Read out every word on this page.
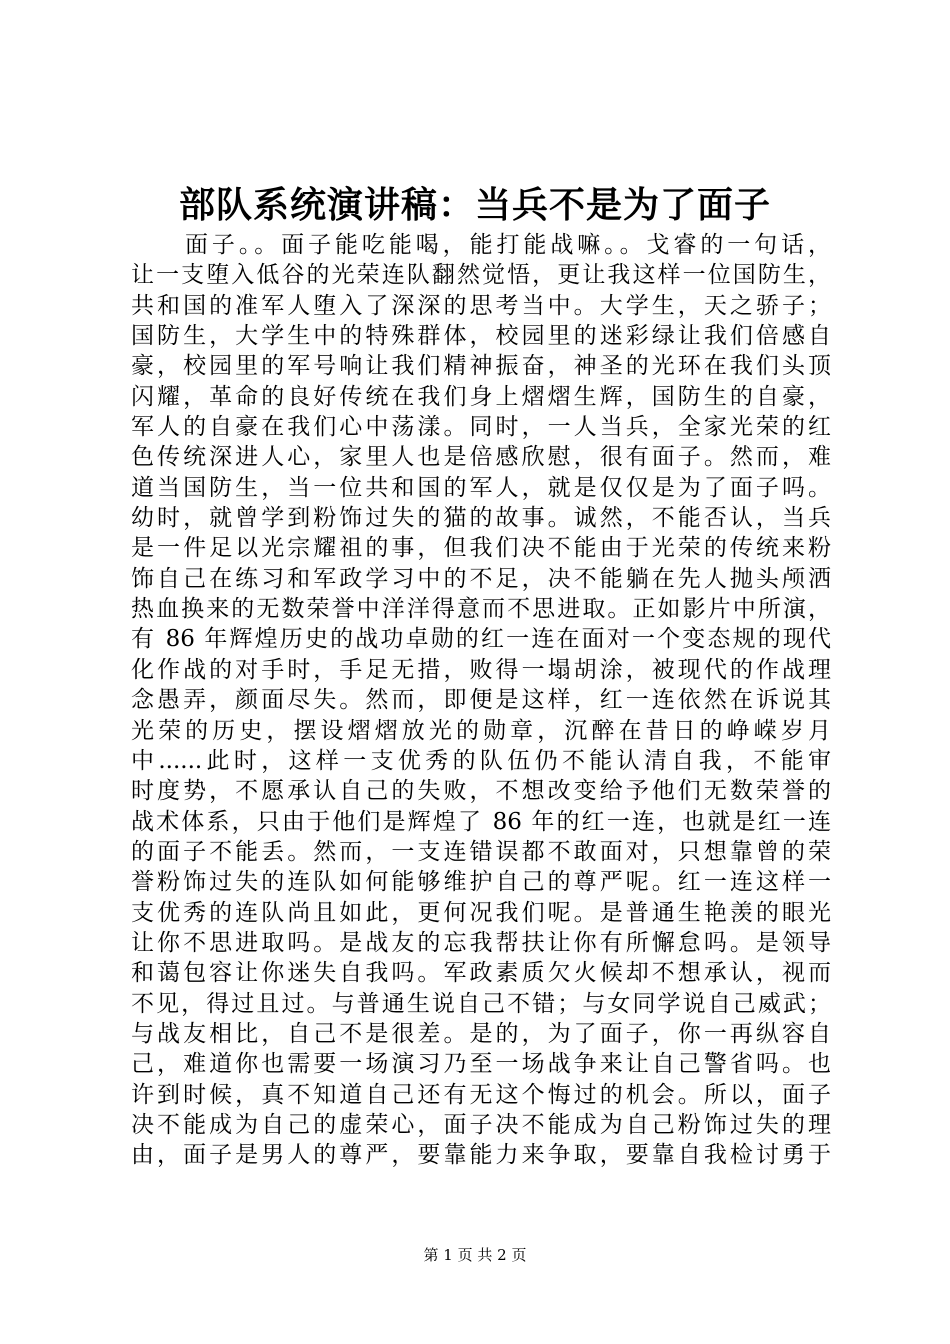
部队系统演讲稿：当兵不是为了面子
面子。。面子能吃能喝，能打能战嘛。。戈睿的一句话，
让一支堕入低谷的光荣连队翻然觉悟，更让我这样一位国防生，
共和国的准军人堕入了深深的思考当中。大学生，天之骄子；
国防生，大学生中的特殊群体，校园里的迷彩绿让我们倍感自
豪，校园里的军号响让我们精神振奋，神圣的光环在我们头顶
闪耀，革命的良好传统在我们身上熠熠生辉，国防生的自豪，
军人的自豪在我们心中荡漾。同时，一人当兵，全家光荣的红
色传统深进人心，家里人也是倍感欣慰，很有面子。然而，难
道当国防生，当一位共和国的军人，就是仅仅是为了面子吗。
幼时，就曾学到粉饰过失的猫的故事。诚然，不能否认，当兵
是一件足以光宗耀祖的事，但我们决不能由于光荣的传统来粉
饰自己在练习和军政学习中的不足，决不能躺在先人抛头颅洒
热血换来的无数荣誉中洋洋得意而不思进取。正如影片中所演，
有 86 年辉煌历史的战功卓勋的红一连在面对一个变态规的现代
化作战的对手时，手足无措，败得一塌胡涂，被现代的作战理
念愚弄，颜面尽失。然而，即便是这样，红一连依然在诉说其
光荣的历史，摆设熠熠放光的勋章，沉醉在昔日的峥嵘岁月
中......此时，这样一支优秀的队伍仍不能认清自我，不能审
时度势，不愿承认自己的失败，不想改变给予他们无数荣誉的
战术体系，只由于他们是辉煌了 86 年的红一连，也就是红一连
的面子不能丢。然而，一支连错误都不敢面对，只想靠曾的荣
誉粉饰过失的连队如何能够维护自己的尊严呢。红一连这样一
支优秀的连队尚且如此，更何况我们呢。是普通生艳羡的眼光
让你不思进取吗。是战友的忘我帮扶让你有所懈怠吗。是领导
和蔼包容让你迷失自我吗。军政素质欠火候却不想承认，视而
不见，得过且过。与普通生说自己不错；与女同学说自己威武；
与战友相比，自己不是很差。是的，为了面子，你一再纵容自
己，难道你也需要一场演习乃至一场战争来让自己警省吗。也
许到时候，真不知道自己还有无这个悔过的机会。所以，面子
决不能成为自己的虚荣心，面子决不能成为自己粉饰过失的理
由，面子是男人的尊严，要靠能力来争取，要靠自我检讨勇于
第 1 页 共 2 页
